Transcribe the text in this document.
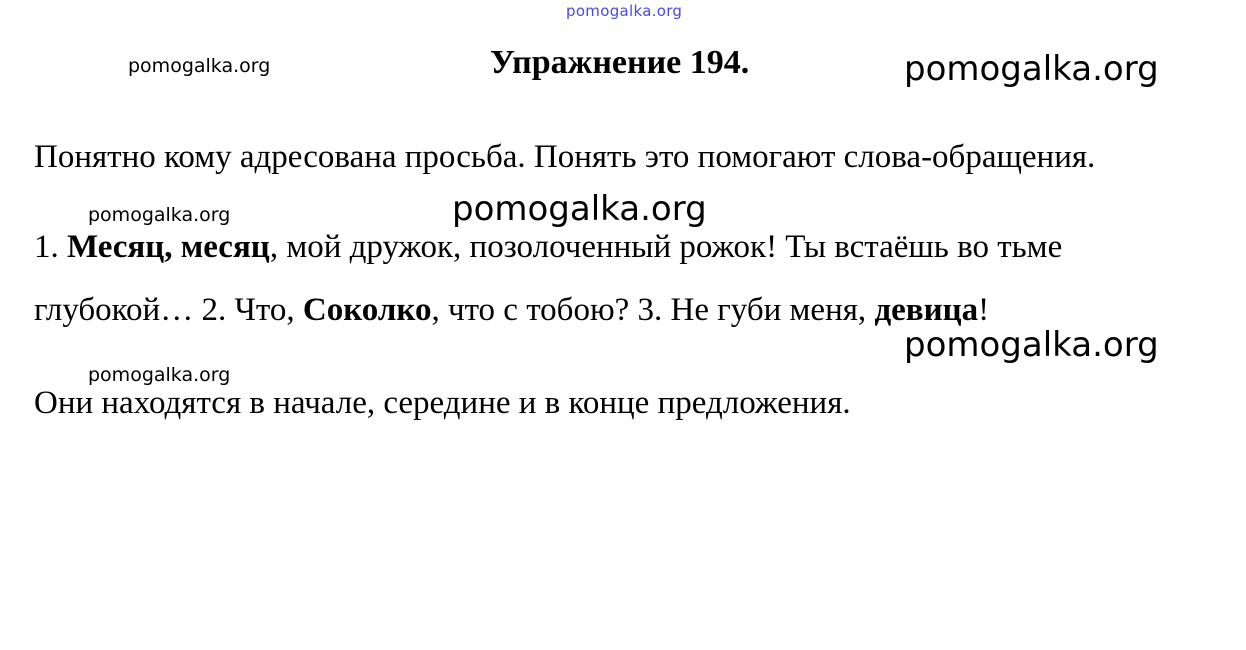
pomogalka.org
pomogalka.org	pomogalka.org
Упражнение 194.
Понятно кому адресована просьба. Понять это помогают слова-обращения.
pomogalka.org	pomogalka.org
1. Месяц, месяц, мой дружок, позолоченный рожок! Ты встаёшь во тьме
глубокой… 2. Что, Соколко, что с тобою? 3. Не губи меня, девица!
pomogalka.org
pomogalka.org
Они находятся в начале, середине и в конце предложения.
